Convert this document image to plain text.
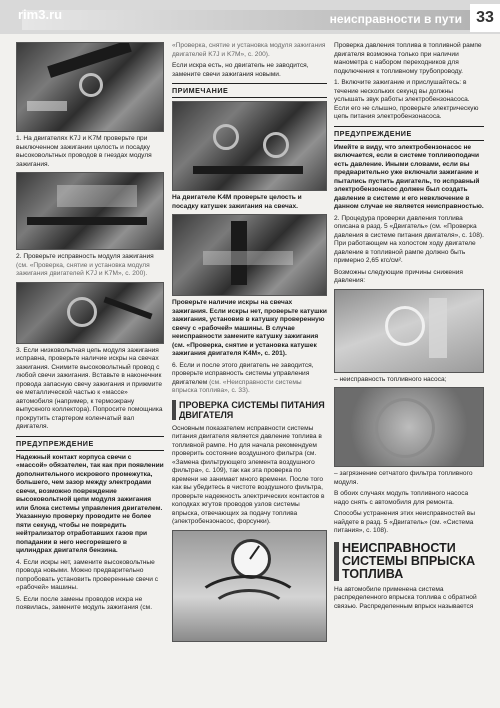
rim3.ru	неисправности в пути 33

1. На двигателях K7J и K7M проверьте при выключенном зажигании целость и посадку высоковольтных проводов в гнездах модуля зажигания.

2. Проверьте исправность модуля зажигания (см. «Проверка, снятие и установка модуля зажигания двигателей K7J и K7M», с. 200).

3. Если низковольтная цепь модуля зажигания исправна, проверьте наличие искры на свечах зажигания. Снимите высоковольтный провод с любой свечи зажигания. Вставьте в наконечник провода запасную свечу зажигания и прижмите ее металлической частью к «массе» автомобиля (например, к термоэкрану выпускного коллектора). Попросите помощника прокрутить стартером коленчатый вал двигателя.

ПРЕДУПРЕЖДЕНИЕ

Надежный контакт корпуса свечи с «массой» обязателен, так как при появлении дополнительного искрового промежутка, большего, чем зазор между электродами свечи, возможно повреждение высоковольтной цепи модуля зажигания или блока системы управления двигателем. Указанную проверку проводите не более пяти секунд, чтобы не повредить нейтрализатор отработавших газов при попадании в него несгоревшего в цилиндрах двигателя бензина.

4. Если искры нет, замените высоковольтные провода новыми. Можно предварительно попробовать установить проверенные свечи с «рабочей» машины.

5. Если после замены проводов искра не появилась, замените модуль зажигания (см.

«Проверка, снятие и установка модуля зажигания двигателей K7J и K7M», с. 200).

Если искра есть, но двигатель не заводится, замените свечи зажигания новыми.

ПРИМЕЧАНИЕ

На двигателе K4M проверьте целость и посадку катушек зажигания на свечах.

Проверьте наличие искры на свечах зажигания. Если искры нет, проверьте катушки зажигания, установив в катушку проверенную свечу с «рабочей» машины. В случае неисправности замените катушку зажигания (см. «Проверка, снятие и установка катушек зажигания двигателя K4M», с. 201).

6. Если и после этого двигатель не заводится, проверьте исправность системы управления двигателем (см. «Неисправности системы впрыска топлива», с. 33).

ПРОВЕРКА СИСТЕМЫ ПИТАНИЯ ДВИГАТЕЛЯ

Основным показателем исправности системы питания двигателя является давление топлива в топливной рампе. Но для начала рекомендуем проверить состояние воздушного фильтра (см. «Замена фильтрующего элемента воздушного фильтра», с. 109), так как эта проверка по времени не занимает много времени. После того как вы убедитесь в чистоте воздушного фильтра, проверьте надежность электрических контактов в колодках жгутов проводов узлов системы впрыска, отвечающих за подачу топлива (электробензонасос, форсунки).

Проверка давления топлива в топливной рампе двигателя возможна только при наличии манометра с набором переходников для подключения к топливному трубопроводу.

1. Включите зажигание и прислушайтесь: в течение нескольких секунд вы должны услышать звук работы электробензонасоса. Если его не слышно, проверьте электрическую цепь питания электробензонасоса.

ПРЕДУПРЕЖДЕНИЕ

Имейте в виду, что электробензонасос не включается, если в системе топливоподачи есть давление. Иными словами, если вы предварительно уже включали зажигание и пытались пустить двигатель, то исправный электробензонасос должен был создать давление в системе и его невключение в данном случае не является неисправностью.

2. Процедура проверки давления топлива описана в разд. 5 «Двигатель» (см. «Проверка давления в системе питания двигателя», с. 108). При работающем на холостом ходу двигателе давление в топливной рампе должно быть примерно 2,65 кгс/см².

Возможны следующие причины снижения давления:

– неисправность топливного насоса;

– загрязнение сетчатого фильтра топливного модуля.

В обоих случаях модуль топливного насоса надо снять с автомобиля для ремонта.

Способы устранения этих неисправностей вы найдете в разд. 5 «Двигатель» (см. «Система питания», с. 108).

НЕИСПРАВНОСТИ СИСТЕМЫ ВПРЫСКА ТОПЛИВА

На автомобиле применена система распределенного впрыска топлива с обратной связью. Распределенным впрыск называется
